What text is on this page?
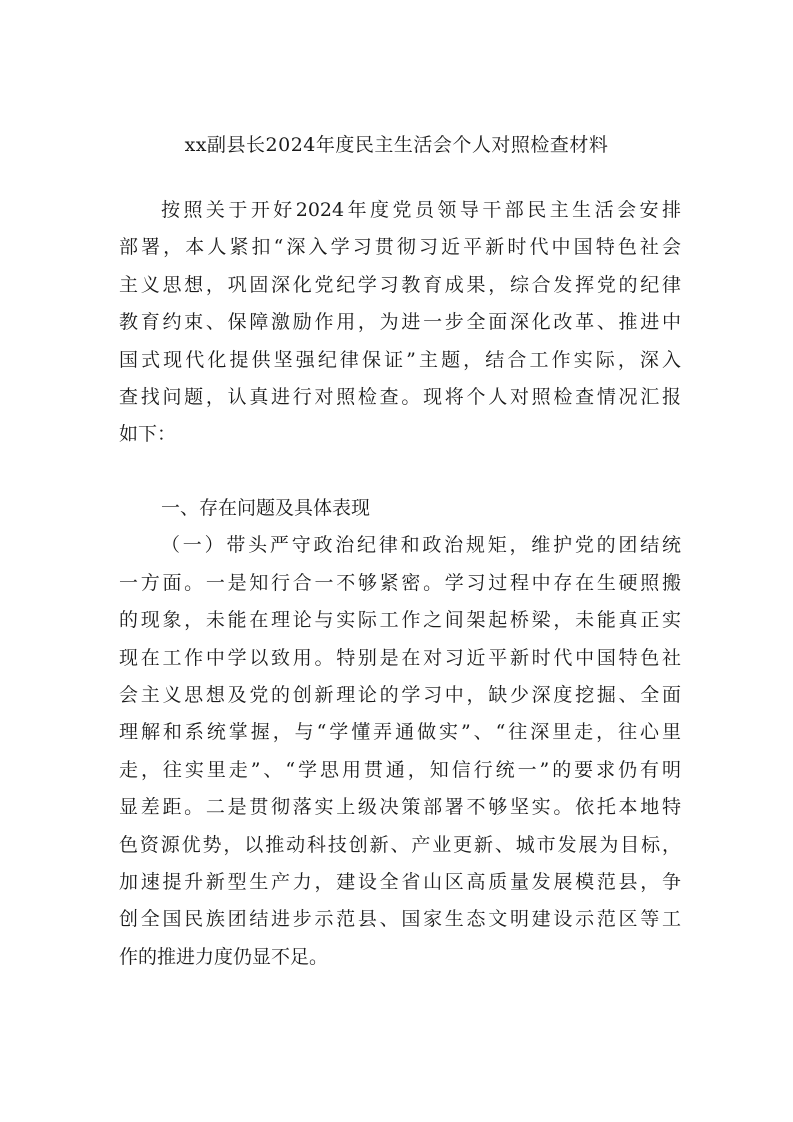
xx副县长2024年度民主生活会个人对照检查材料
按照关于开好2024年度党员领导干部民主生活会安排
部署，本人紧扣“深入学习贯彻习近平新时代中国特色社会
主义思想，巩固深化党纪学习教育成果，综合发挥党的纪律
教育约束、保障激励作用，为进一步全面深化改革、推进中
国式现代化提供坚强纪律保证”主题，结合工作实际，深入
查找问题，认真进行对照检查。现将个人对照检查情况汇报
如下：
一、存在问题及具体表现
（一）带头严守政治纪律和政治规矩，维护党的团结统
一方面。一是知行合一不够紧密。学习过程中存在生硬照搬
的现象，未能在理论与实际工作之间架起桥梁，未能真正实
现在工作中学以致用。特别是在对习近平新时代中国特色社
会主义思想及党的创新理论的学习中，缺少深度挖掘、全面
理解和系统掌握，与“学懂弄通做实”、“往深里走，往心里
走，往实里走”、“学思用贯通，知信行统一”的要求仍有明
显差距。二是贯彻落实上级决策部署不够坚实。依托本地特
色资源优势，以推动科技创新、产业更新、城市发展为目标，
加速提升新型生产力，建设全省山区高质量发展模范县，争
创全国民族团结进步示范县、国家生态文明建设示范区等工
作的推进力度仍显不足。
